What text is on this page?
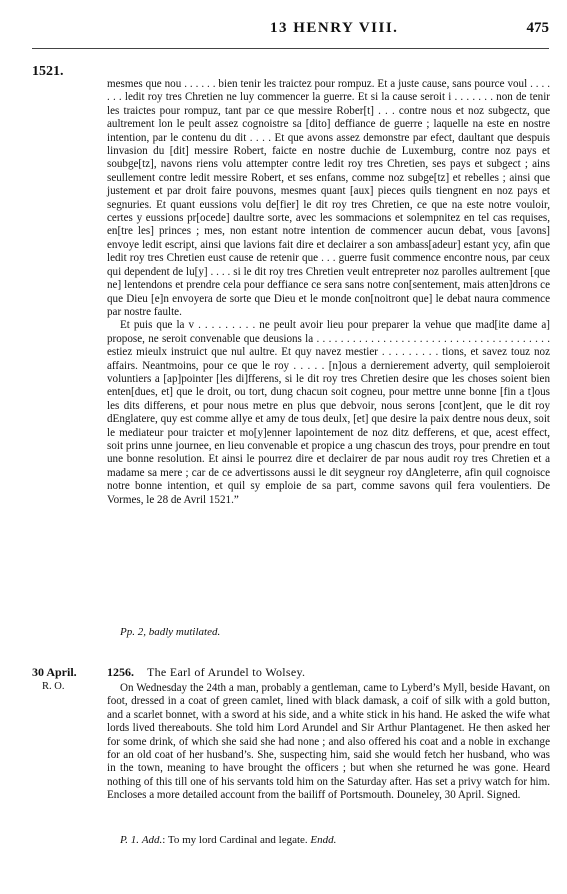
13 HENRY VIII.	475
1521.

mesmes que nou . . . . . . bien tenir les traictez pour rompuz. Et a juste cause, sans pource voul . . . . . . . ledit roy tres Chretien ne luy commencer la guerre. Et si la cause seroit i . . . . . . . non de tenir les traictes pour rompuz, tant par ce que messire Rober[t] . . . contre nous et noz subgectz, que aultrement lon le peult assez cognoistre sa [dito] deffiance de guerre ; laquelle na este en nostre intention, par le contenu du dit . . . . Et que avons assez demonstre par efect, daultant que despuis linvasion du [dit] messire Robert, faicte en nostre duchie de Luxemburg, contre noz pays et soubge[tz], navons riens volu attempter contre ledit roy tres Chretien, ses pays et subgect ; ains seullement contre ledit messire Robert, et ses enfans, comme noz subge[tz] et rebelles ; ainsi que justement et par droit faire pouvons, mesmes quant [aux] pieces quils tiengnent en noz pays et segnuries. Et quant eussions volu de[fier] le dit roy tres Chretien, ce que na este notre vouloir, certes y eussions pr[ocede] daultre sorte, avec les sommacions et solempnitez en tel cas requises, en[tre les] princes ; mes, non estant notre intention de commencer aucun debat, vous [avons] envoye ledit escript, ainsi que lavions fait dire et declairer a son ambass[adeur] estant ycy, afin que ledit roy tres Chretien eust cause de retenir que . . . guerre fusit commence encontre nous, par ceux qui dependent de lu[y] . . . . si le dit roy tres Chretien veult entrepreter noz parolles aultrement [que ne] lentendons et prendre cela pour deffiance ce sera sans notre con[sentement, mais atten]drons ce que Dieu [e]n envoyera de sorte que Dieu et le monde con[noitront que] le debat naura commence par nostre faulte.

Et puis que la v . . . . . . . . . ne peult avoir lieu pour preparer la vehue que mad[ite dame a] propose, ne seroit convenable que deusions la . . . . . . . . . . . . . . . . . . . . . . . . . . . . . . . . . . . . . . . estiez mieulx instruict que nul aultre. Et quy navez mestier . . . . . . . . . tions, et savez touz noz affairs. Neantmoins, pour ce que le roy . . . . . [n]ous a dernierement adverty, quil semploieroit voluntiers a [ap]pointer [les di]fferens, si le dit roy tres Chretien desire que les choses soient bien enten[dues, et] que le droit, ou tort, dung chacun soit cogneu, pour mettre unne bonne [fin a t]ous les dits differens, et pour nous metre en plus que debvoir, nous serons [cont]ent, que le dit roy dEnglatere, quy est comme allye et amy de tous deulx, [et] que desire la paix dentre nous deux, soit le mediateur pour traicter et mo[y]enner lapointement de noz ditz defferens, et que, acest effect, soit prins unne journee, en lieu convenable et propice a ung chascun des troys, pour prendre en tout une bonne resolution. Et ainsi le pourrez dire et declairer de par nous audit roy tres Chretien et a madame sa mere ; car de ce advertissons aussi le dit seygneur roy dAngleterre, afin quil cognoisce notre bonne intention, et quil sy emploie de sa part, comme savons quil fera voulentiers. De Vormes, le 28 de Avril 1521.”

Pp. 2, badly mutilated.
30 April.
R. O.
1256. The Earl of Arundel to Wolsey.

On Wednesday the 24th a man, probably a gentleman, came to Lyberd’s Myll, beside Havant, on foot, dressed in a coat of green camlet, lined with black damask, a coif of silk with a gold button, and a scarlet bonnet, with a sword at his side, and a white stick in his hand. He asked the wife what lords lived thereabouts. She told him Lord Arundel and Sir Arthur Plantagenet. He then asked her for some drink, of which she said she had none ; and also offered his coat and a noble in exchange for an old coat of her husband’s. She, suspecting him, said she would fetch her husband, who was in the town, meaning to have brought the officers ; but when she returned he was gone. Heard nothing of this till one of his servants told him on the Saturday after. Has set a privy watch for him. Encloses a more detailed account from the bailiff of Portsmouth. Douneley, 30 April. Signed.

P. 1. Add.: To my lord Cardinal and legate. Endd.
